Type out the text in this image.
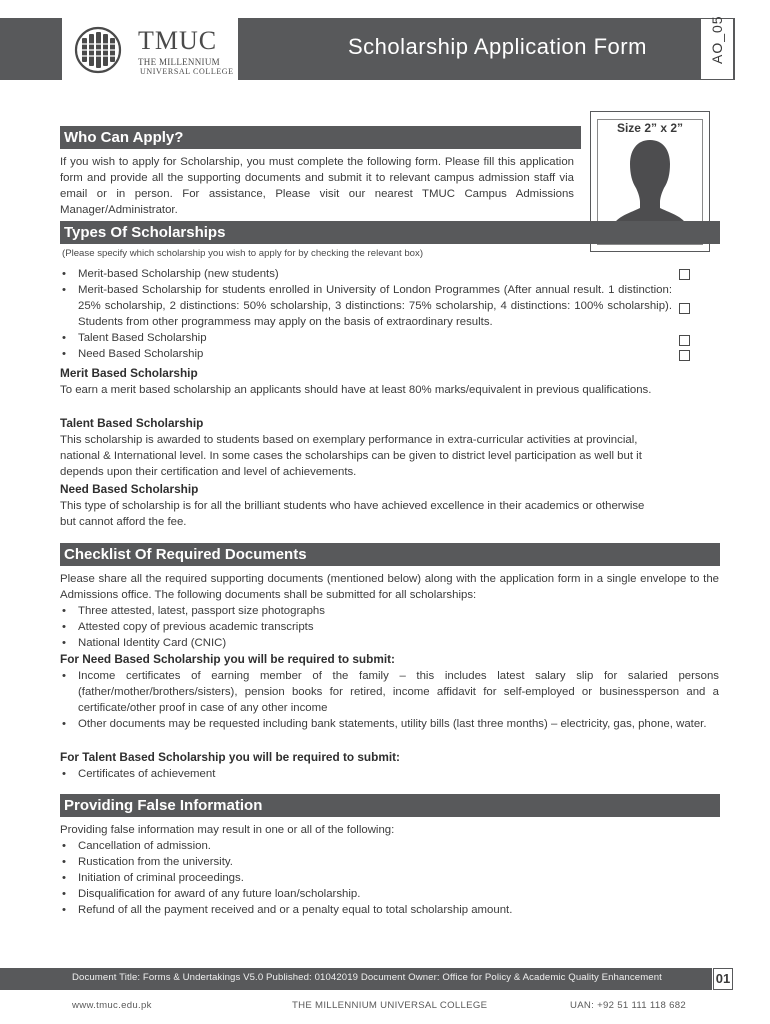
TMUC
THE MILLENNIUM
UNIVERSAL COLLEGE
Scholarship Application Form	AO_05
Size 2” x 2”
Who Can Apply?
If you wish to apply for Scholarship, you must complete the following form. Please fill this application form and provide all the supporting documents and submit it to relevant campus admission staff via email or in person. For assistance, Please visit our nearest TMUC Campus Admissions Manager/Administrator.
Types Of Scholarships
(Please specify which scholarship you wish to apply for by checking the relevant box)
• Merit-based Scholarship (new students)
• Merit-based Scholarship for students enrolled in University of London Programmes (After annual result. 1 distinction: 25% scholarship, 2 distinctions: 50% scholarship, 3 distinctions: 75% scholarship, 4 distinctions: 100% scholarship). Students from other programmess may apply on the basis of extraordinary results.
• Talent Based Scholarship
• Need Based Scholarship
Merit Based Scholarship
To earn a merit based scholarship an applicants should have at least 80% marks/equivalent in previous qualifications.
Talent Based Scholarship
This scholarship is awarded to students based on exemplary performance in extra-curricular activities at provincial, national & International level. In some cases the scholarships can be given to district level participation as well but it depends upon their certification and level of achievements.
Need Based Scholarship
This type of scholarship is for all the brilliant students who have achieved excellence in their academics or otherwise but cannot afford the fee.
Checklist Of Required Documents
Please share all the required supporting documents (mentioned below) along with the application form in a single envelope to the Admissions office. The following documents shall be submitted for all scholarships:
• Three attested, latest, passport size photographs
• Attested copy of previous academic transcripts
• National Identity Card (CNIC)
For Need Based Scholarship you will be required to submit:
• Income certificates of earning member of the family – this includes latest salary slip for salaried persons (father/mother/brothers/sisters), pension books for retired, income affidavit for self-employed or businessperson and a certificate/other proof in case of any other income
• Other documents may be requested including bank statements, utility bills (last three months) – electricity, gas, phone, water.
For Talent Based Scholarship you will be required to submit:
• Certificates of achievement
Providing False Information
Providing false information may result in one or all of the following:
• Cancellation of admission.
• Rustication from the university.
• Initiation of criminal proceedings.
• Disqualification for award of any future loan/scholarship.
• Refund of all the payment received and or a penalty equal to total scholarship amount.
Document Title: Forms & Undertakings V5.0 Published: 01042019 Document Owner: Office for Policy & Academic Quality Enhancement	01
www.tmuc.edu.pk	THE MILLENNIUM UNIVERSAL COLLEGE	UAN: +92 51 111 118 682
